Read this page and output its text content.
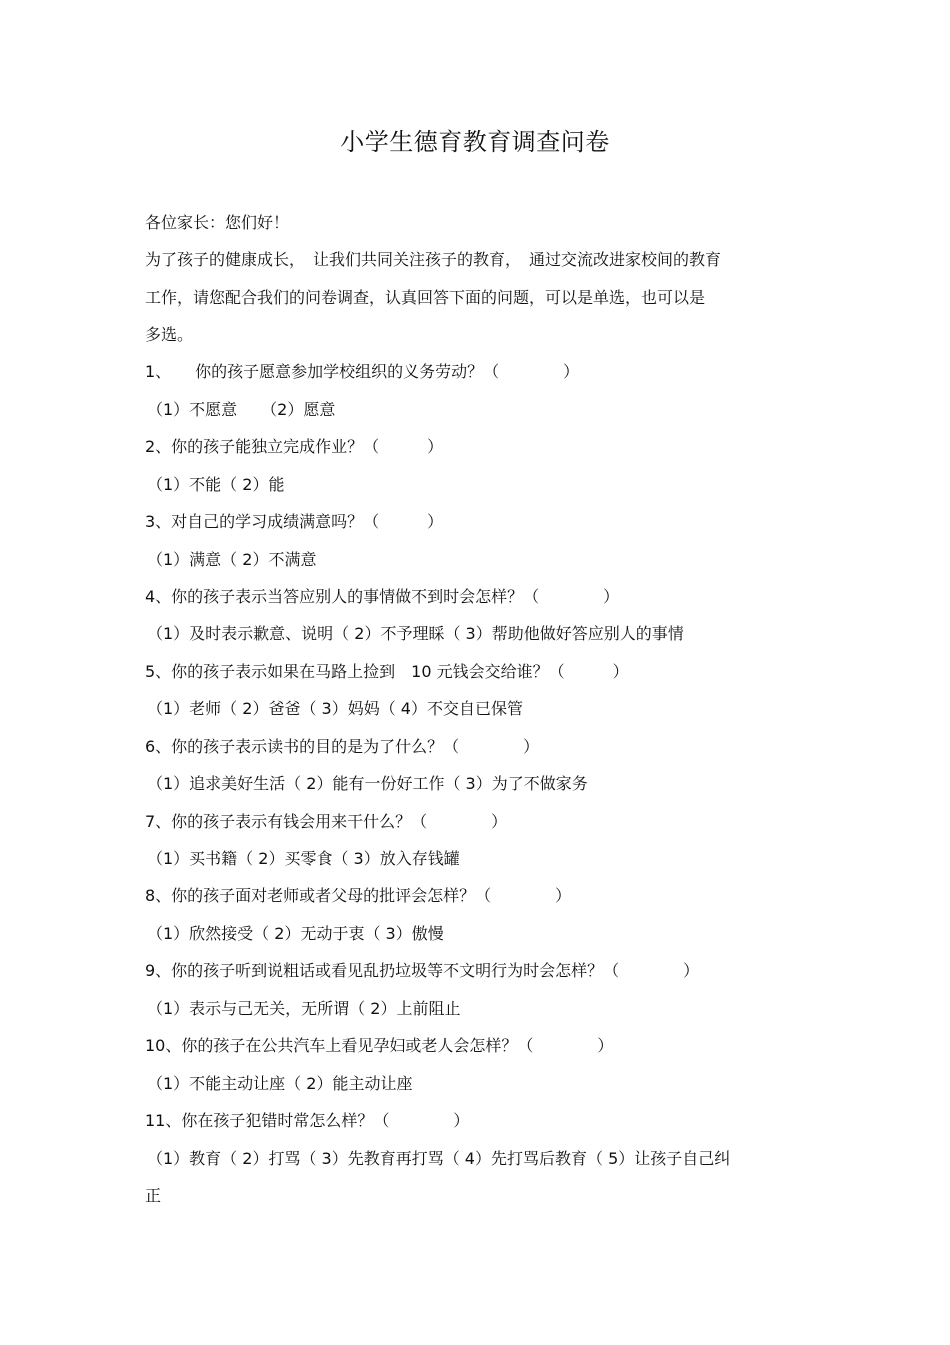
小学生德育教育调查问卷
各位家长：您们好！
为了孩子的健康成长，　让我们共同关注孩子的教育，　通过交流改进家校间的教育
工作，请您配合我们的问卷调查，认真回答下面的问题，可以是单选，也可以是
多选。
1、　　你的孩子愿意参加学校组织的义务劳动？（　　　　）
（1）不愿意　　（2）愿意
2、你的孩子能独立完成作业？（　　　）
（1）不能（ 2）能
3、对自己的学习成绩满意吗？（　　　）
（1）满意（ 2）不满意
4、你的孩子表示当答应别人的事情做不到时会怎样？（　　　　）
（1）及时表示歉意、说明（ 2）不予理睬（ 3）帮助他做好答应别人的事情
5、你的孩子表示如果在马路上捡到　10 元钱会交给谁？（　　　）
（1）老师（ 2）爸爸（ 3）妈妈（ 4）不交自已保管
6、你的孩子表示读书的目的是为了什么？（　　　　）
（1）追求美好生活（ 2）能有一份好工作（ 3）为了不做家务
7、你的孩子表示有钱会用来干什么？（　　　　）
（1）买书籍（ 2）买零食（ 3）放入存钱罐
8、你的孩子面对老师或者父母的批评会怎样？（　　　　）
（1）欣然接受（ 2）无动于衷（ 3）傲慢
9、你的孩子听到说粗话或看见乱扔垃圾等不文明行为时会怎样？（　　　　）
（1）表示与己无关，无所谓（ 2）上前阻止
10、你的孩子在公共汽车上看见孕妇或老人会怎样？（　　　　）
（1）不能主动让座（ 2）能主动让座
11、你在孩子犯错时常怎么样？（　　　　）
（1）教育（ 2）打骂（ 3）先教育再打骂（ 4）先打骂后教育（ 5）让孩子自己纠
正
